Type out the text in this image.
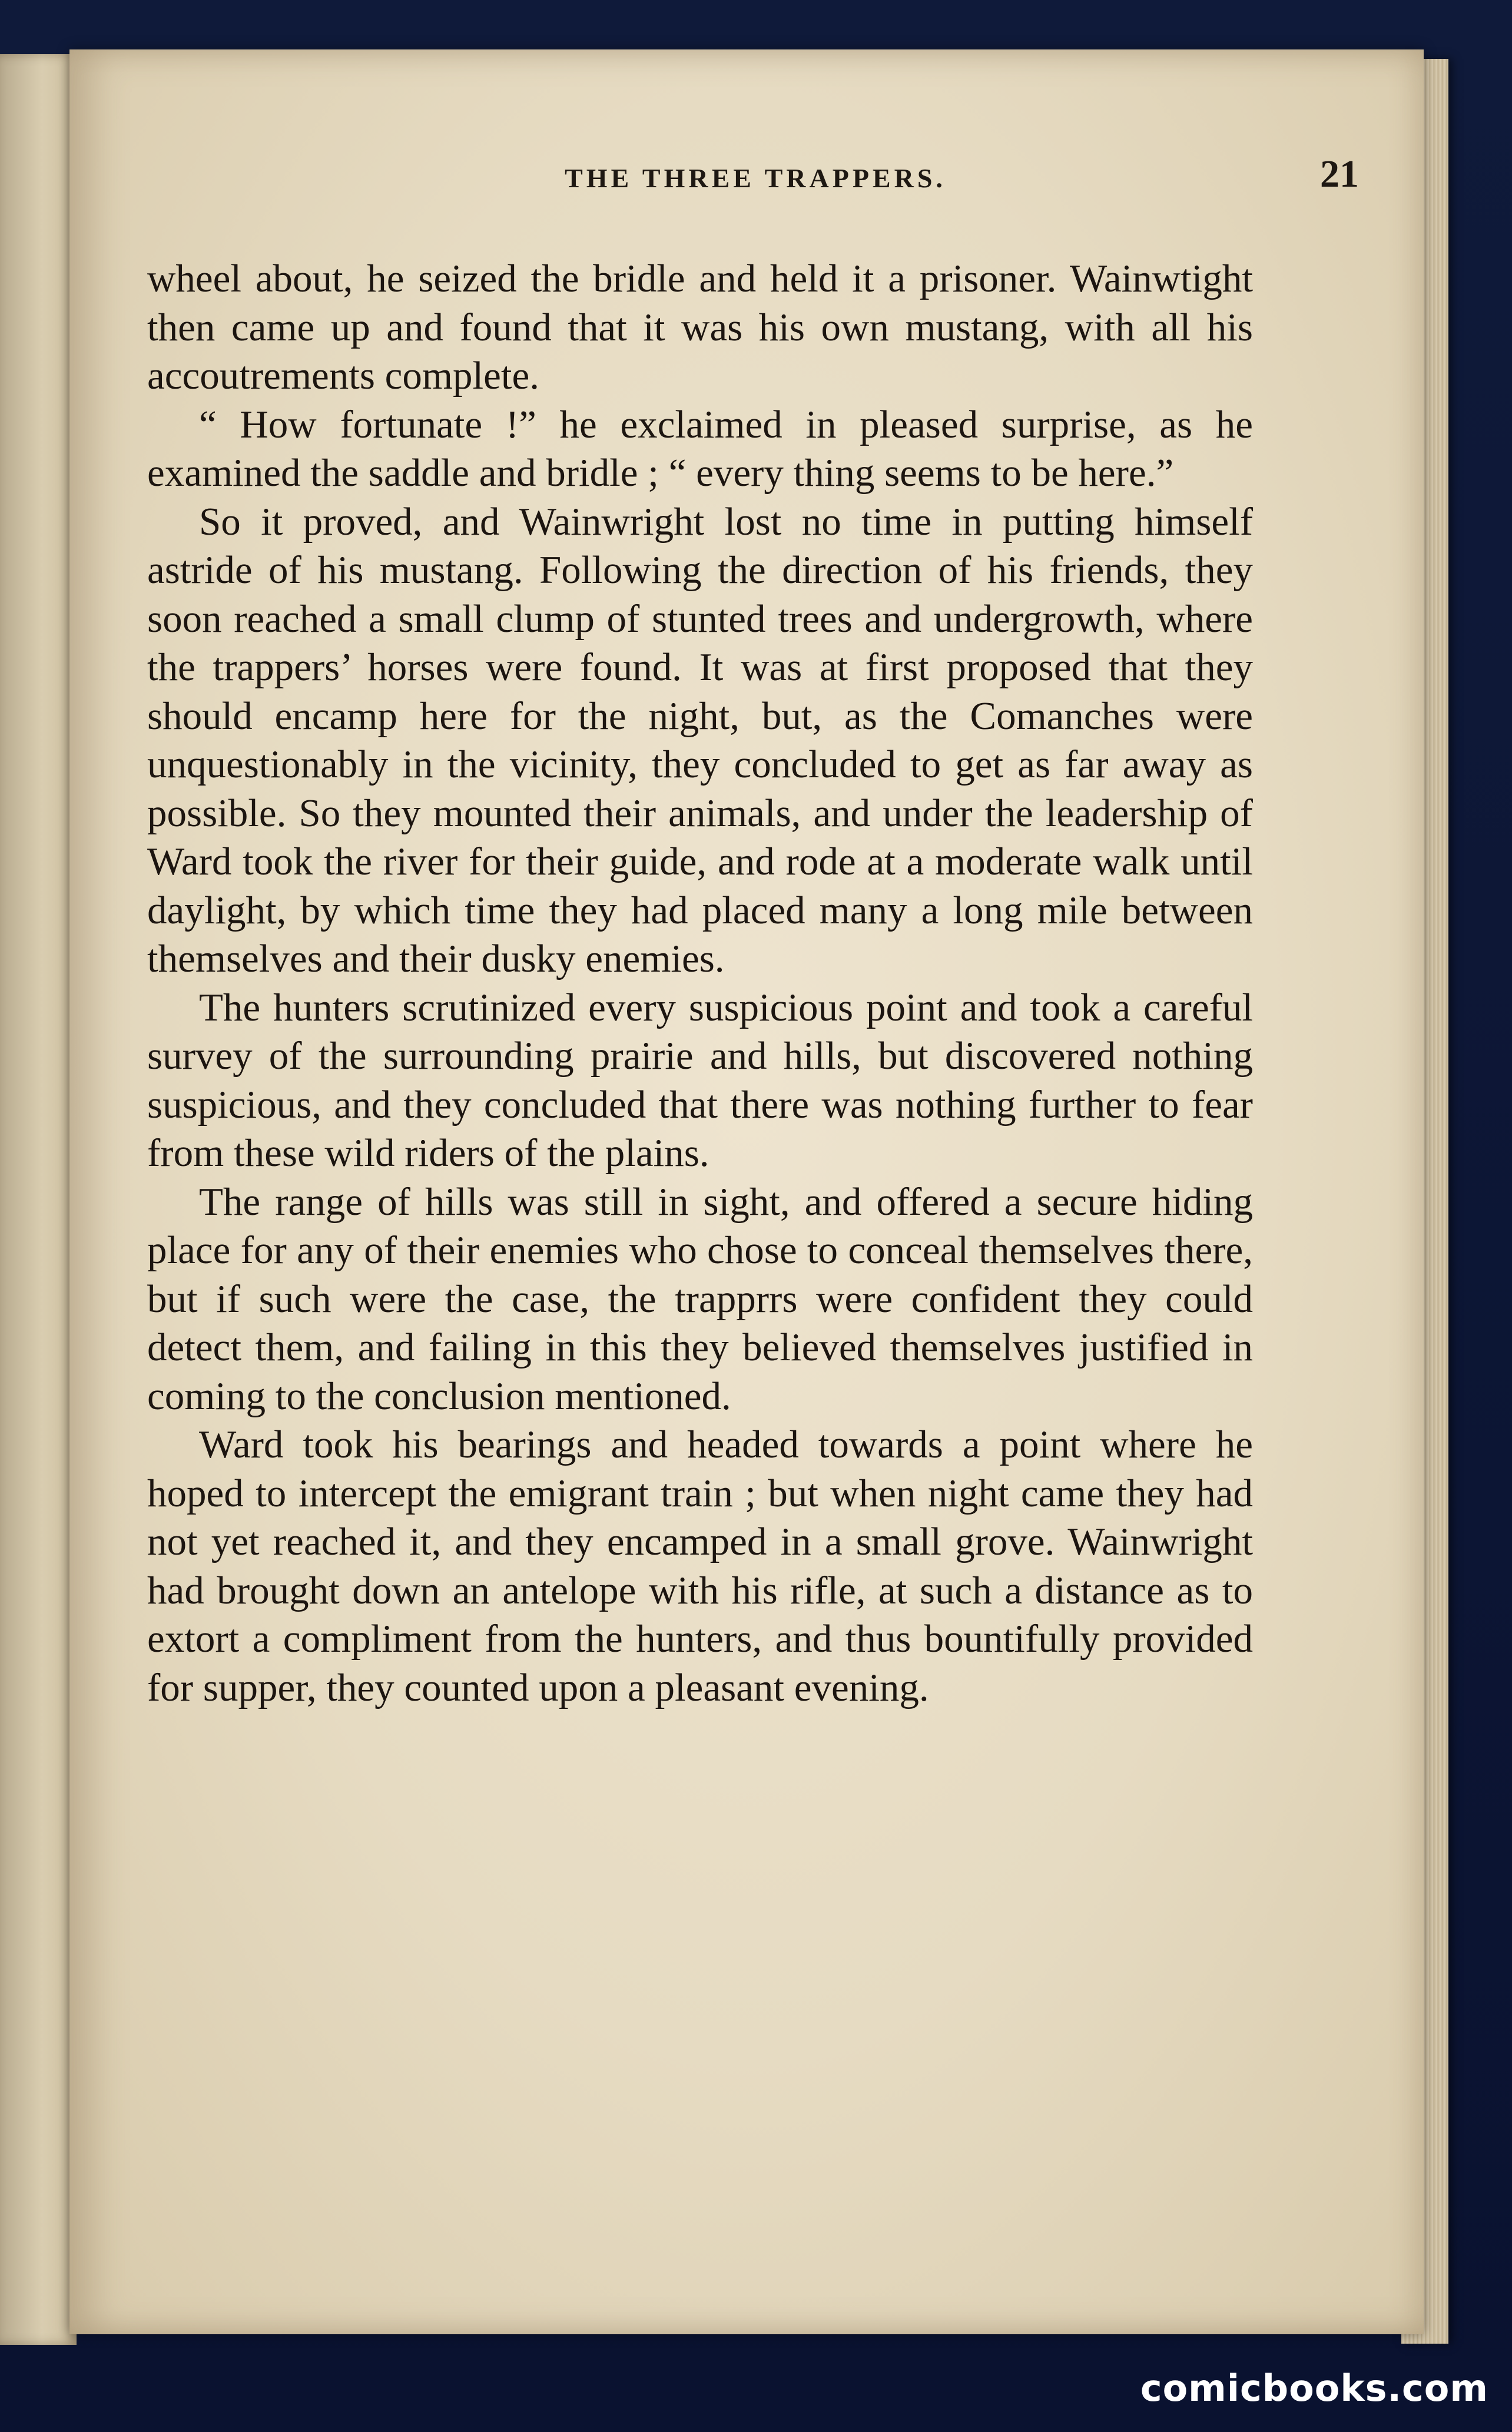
THE THREE TRAPPERS.	21

wheel about, he seized the bridle and held it a prisoner. Wainwtight then came up and found that it was his own mustang, with all his accoutrements complete.

“ How fortunate !” he exclaimed in pleased surprise, as he examined the saddle and bridle ; “ every thing seems to be here.”

So it proved, and Wainwright lost no time in putting himself astride of his mustang. Following the direction of his friends, they soon reached a small clump of stunted trees and undergrowth, where the trappers’ horses were found. It was at first proposed that they should encamp here for the night, but, as the Comanches were unquestionably in the vicinity, they concluded to get as far away as possible. So they mounted their animals, and under the leadership of Ward took the river for their guide, and rode at a moderate walk until daylight, by which time they had placed many a long mile between themselves and their dusky enemies.

The hunters scrutinized every suspicious point and took a careful survey of the surrounding prairie and hills, but discovered nothing suspicious, and they concluded that there was nothing further to fear from these wild riders of the plains.

The range of hills was still in sight, and offered a secure hiding place for any of their enemies who chose to conceal themselves there, but if such were the case, the trapprrs were confident they could detect them, and failing in this they believed themselves justified in coming to the conclusion mentioned.

Ward took his bearings and headed towards a point where he hoped to intercept the emigrant train ; but when night came they had not yet reached it, and they encamped in a small grove. Wainwright had brought down an antelope with his rifle, at such a distance as to extort a compliment from the hunters, and thus bountifully provided for supper, they counted upon a pleasant evening.

comicbooks.com
